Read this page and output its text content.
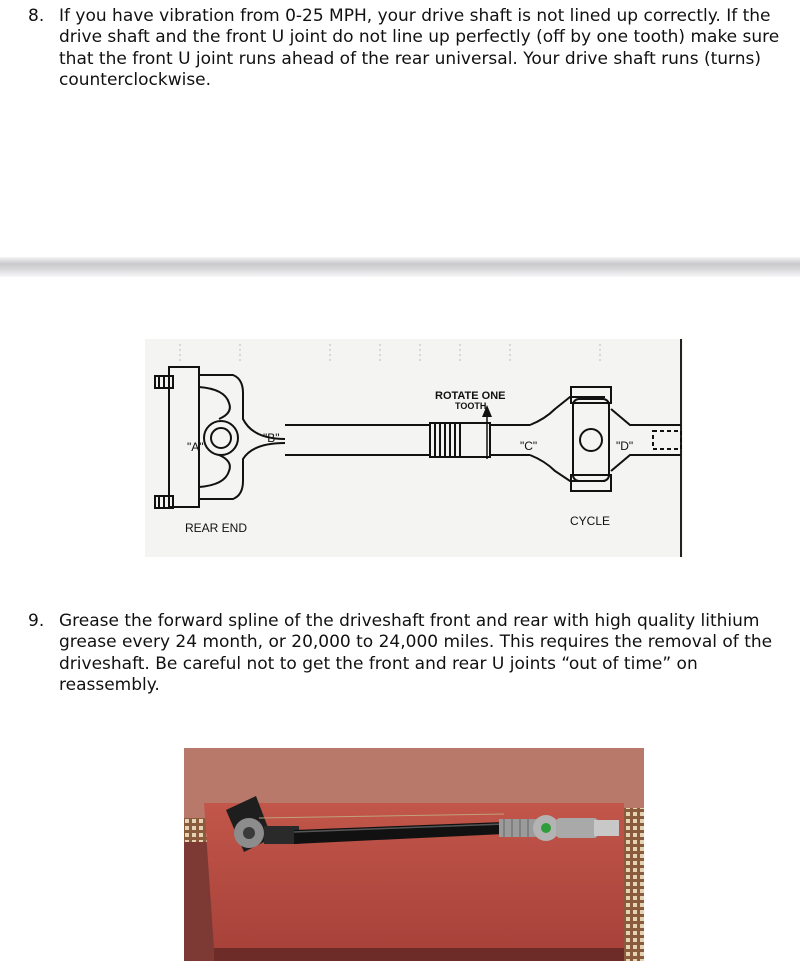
8. If you have vibration from 0-25 MPH, your drive shaft is not lined up correctly. If the drive shaft and the front U joint do not line up perfectly (off by one tooth) make sure that the front U joint runs ahead of the rear universal. Your drive shaft runs (turns) counterclockwise.

"A"
"B"
"C"	"D"
ROTATE ONE
TOOTH
REAR END	CYCLE
9. Grease the forward spline of the driveshaft front and rear with high quality lithium grease every 24 month, or 20,000 to 24,000 miles. This requires the removal of the driveshaft. Be careful not to get the front and rear U joints “out of time” on reassembly.
